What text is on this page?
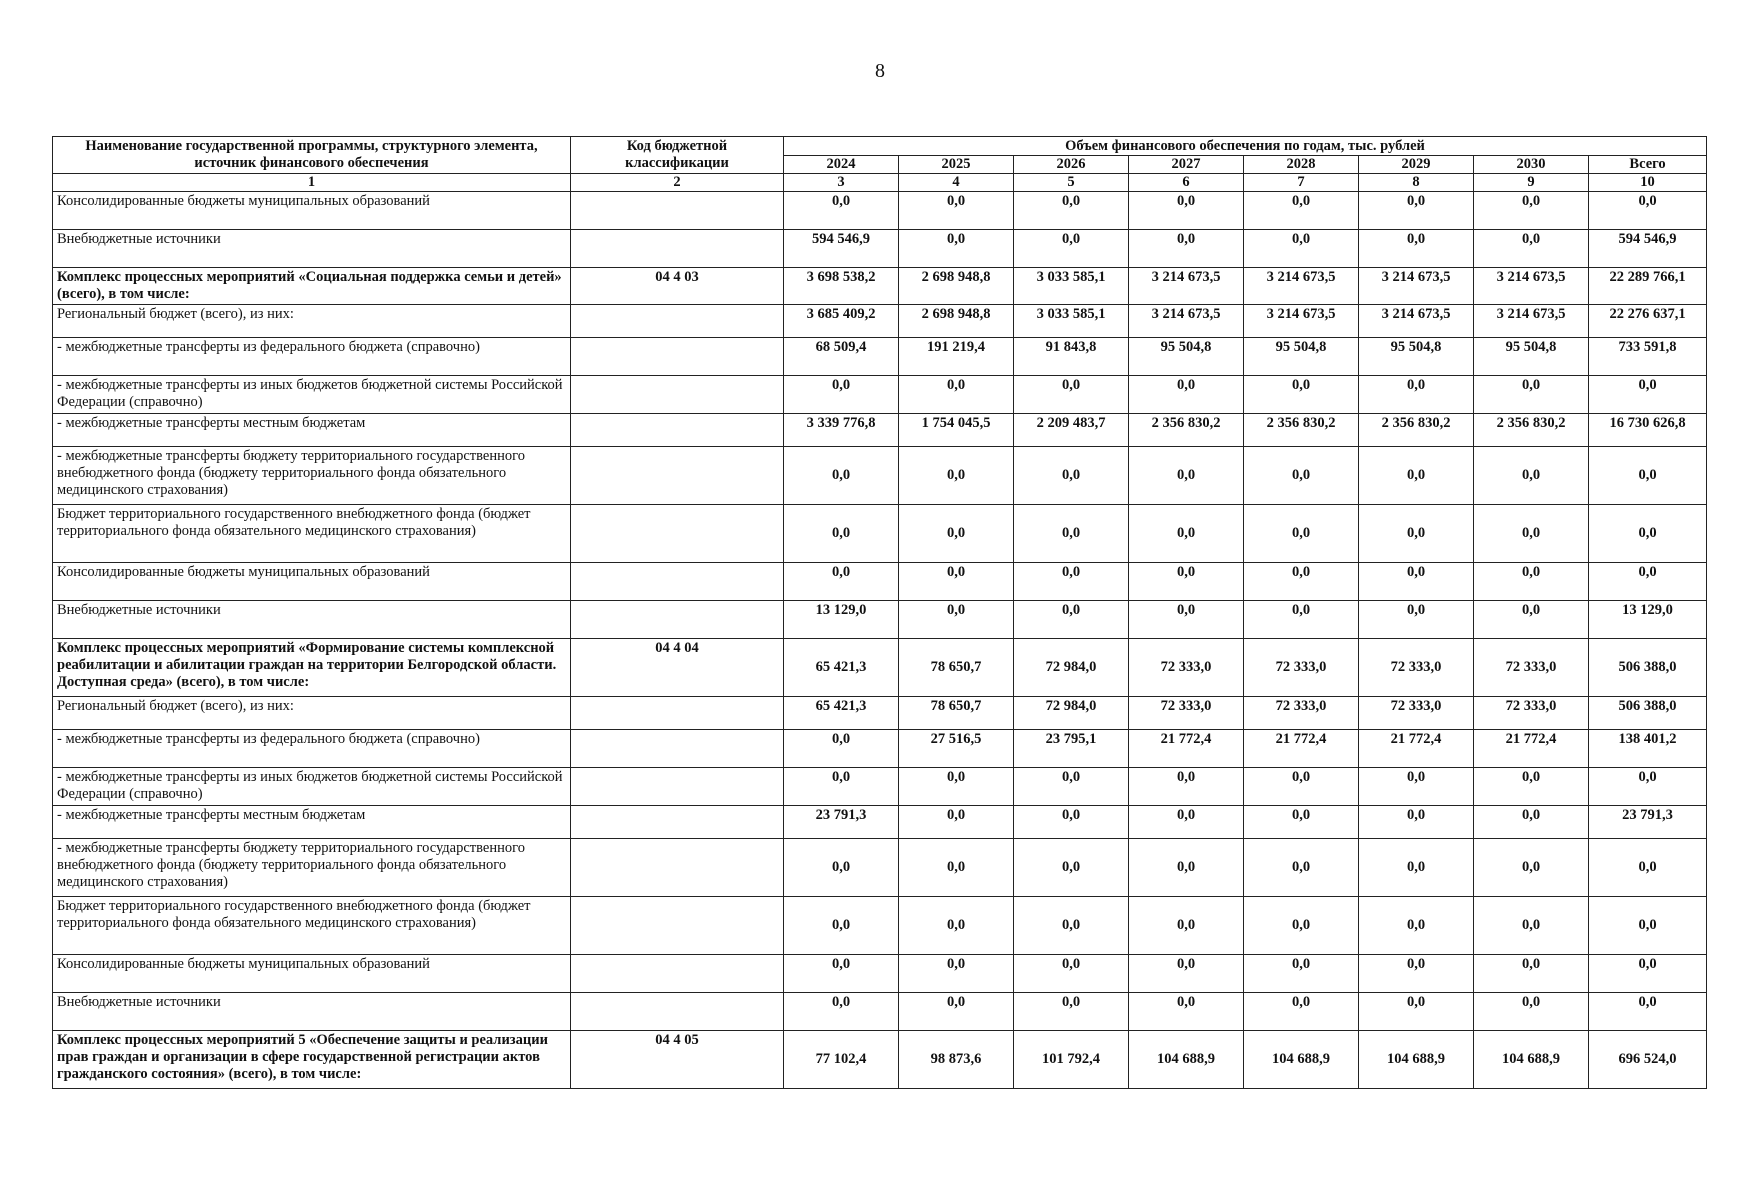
8
Наименование государственной программы, структурного элемента, источник финансового обеспечения	Код бюджетной классификации	Объем финансового обеспечения по годам, тыс. рублей							
		2024	2025	2026	2027	2028	2029	2030	Всего
1	2	3	4	5	6	7	8	9	10
Консолидированные бюджеты муниципальных образований		0,0	0,0	0,0	0,0	0,0	0,0	0,0	0,0
Внебюджетные источники		594 546,9	0,0	0,0	0,0	0,0	0,0	0,0	594 546,9
Комплекс процессных мероприятий «Социальная поддержка семьи и детей» (всего), в том числе:	04 4 03	3 698 538,2	2 698 948,8	3 033 585,1	3 214 673,5	3 214 673,5	3 214 673,5	3 214 673,5	22 289 766,1
Региональный бюджет (всего), из них:		3 685 409,2	2 698 948,8	3 033 585,1	3 214 673,5	3 214 673,5	3 214 673,5	3 214 673,5	22 276 637,1
- межбюджетные трансферты из федерального бюджета (справочно)		68 509,4	191 219,4	91 843,8	95 504,8	95 504,8	95 504,8	95 504,8	733 591,8
- межбюджетные трансферты из иных бюджетов бюджетной системы Российской Федерации (справочно)		0,0	0,0	0,0	0,0	0,0	0,0	0,0	0,0
- межбюджетные трансферты местным бюджетам		3 339 776,8	1 754 045,5	2 209 483,7	2 356 830,2	2 356 830,2	2 356 830,2	2 356 830,2	16 730 626,8
- межбюджетные трансферты бюджету территориального государственного внебюджетного фонда (бюджету территориального фонда обязательного медицинского страхования)		0,0	0,0	0,0	0,0	0,0	0,0	0,0	0,0
Бюджет территориального государственного внебюджетного фонда (бюджет территориального фонда обязательного медицинского страхования)		0,0	0,0	0,0	0,0	0,0	0,0	0,0	0,0
Консолидированные бюджеты муниципальных образований		0,0	0,0	0,0	0,0	0,0	0,0	0,0	0,0
Внебюджетные источники		13 129,0	0,0	0,0	0,0	0,0	0,0	0,0	13 129,0
Комплекс процессных мероприятий «Формирование системы комплексной реабилитации и абилитации граждан на территории Белгородской области. Доступная среда» (всего), в том числе:	04 4 04	65 421,3	78 650,7	72 984,0	72 333,0	72 333,0	72 333,0	72 333,0	506 388,0
Региональный бюджет (всего), из них:		65 421,3	78 650,7	72 984,0	72 333,0	72 333,0	72 333,0	72 333,0	506 388,0
- межбюджетные трансферты из федерального бюджета (справочно)		0,0	27 516,5	23 795,1	21 772,4	21 772,4	21 772,4	21 772,4	138 401,2
- межбюджетные трансферты из иных бюджетов бюджетной системы Российской Федерации (справочно)		0,0	0,0	0,0	0,0	0,0	0,0	0,0	0,0
- межбюджетные трансферты местным бюджетам		23 791,3	0,0	0,0	0,0	0,0	0,0	0,0	23 791,3
- межбюджетные трансферты бюджету территориального государственного внебюджетного фонда (бюджету территориального фонда обязательного медицинского страхования)		0,0	0,0	0,0	0,0	0,0	0,0	0,0	0,0
Бюджет территориального государственного внебюджетного фонда (бюджет территориального фонда обязательного медицинского страхования)		0,0	0,0	0,0	0,0	0,0	0,0	0,0	0,0
Консолидированные бюджеты муниципальных образований		0,0	0,0	0,0	0,0	0,0	0,0	0,0	0,0
Внебюджетные источники		0,0	0,0	0,0	0,0	0,0	0,0	0,0	0,0
Комплекс процессных мероприятий 5 «Обеспечение защиты и реализации прав граждан и организации в сфере государственной регистрации актов гражданского состояния» (всего), в том числе:	04 4 05	77 102,4	98 873,6	101 792,4	104 688,9	104 688,9	104 688,9	104 688,9	696 524,0
